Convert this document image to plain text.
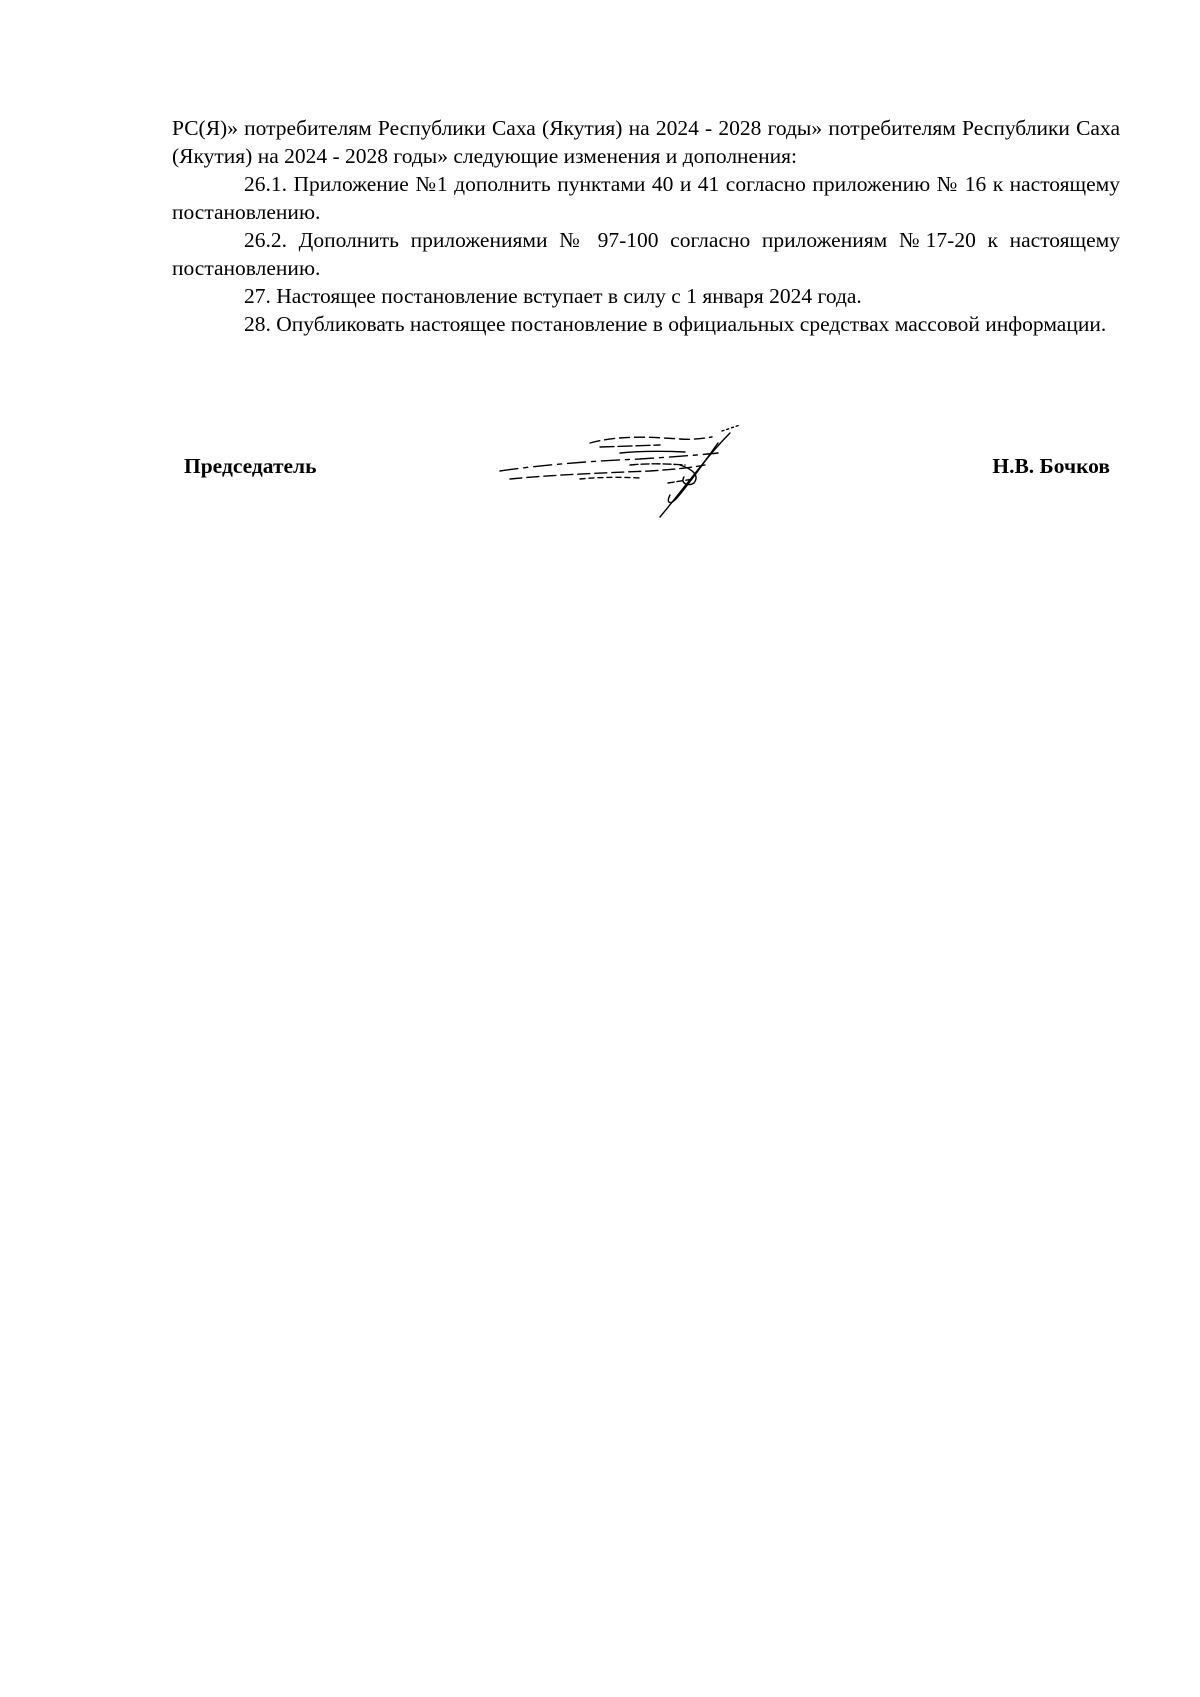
РС(Я)» потребителям Республики Саха (Якутия) на 2024 - 2028 годы» потребителям Республики Саха (Якутия) на 2024 - 2028 годы» следующие изменения и дополнения:

26.1. Приложение №1 дополнить пунктами 40 и 41 согласно приложению № 16 к настоящему постановлению.

26.2. Дополнить приложениями № 97-100 согласно приложениям №17-20 к настоящему постановлению.

27. Настоящее постановление вступает в силу с 1 января 2024 года.

28. Опубликовать настоящее постановление в официальных средствах массовой информации.

Председатель	Н.В. Бочков
